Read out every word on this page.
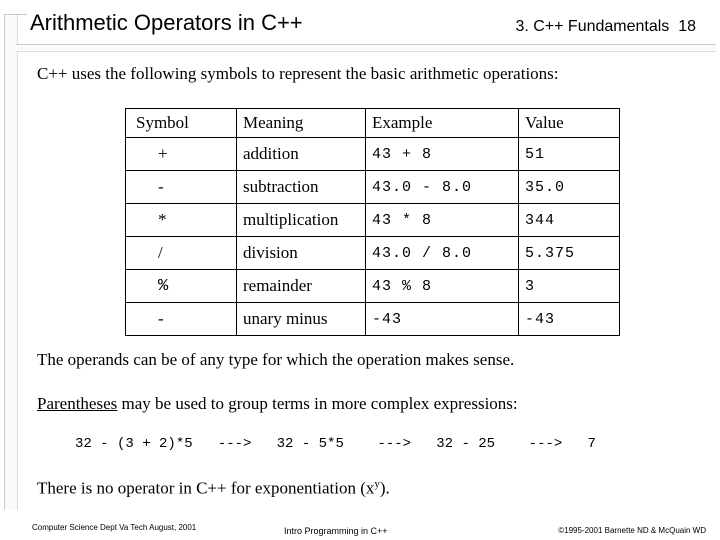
Arithmetic Operators in C++	3. C++ Fundamentals 18
C++ uses the following symbols to represent the basic arithmetic operations:
Symbol	Meaning	Example	Value
+	addition	43 + 8	51
-	subtraction	43.0 - 8.0	35.0
*	multiplication	43 * 8	344
/	division	43.0 / 8.0	5.375
%	remainder	43 % 8	3
-	unary minus	-43	-43
The operands can be of any type for which the operation makes sense.
Parentheses may be used to group terms in more complex expressions:
32 - (3 + 2)*5   --->   32 - 5*5    --->   32 - 25    --->   7
There is no operator in C++ for exponentiation $(x^y)$.
Computer Science Dept Va Tech August, 2001	Intro Programming in C++	©1995-2001 Barnette ND & McQuain WD
